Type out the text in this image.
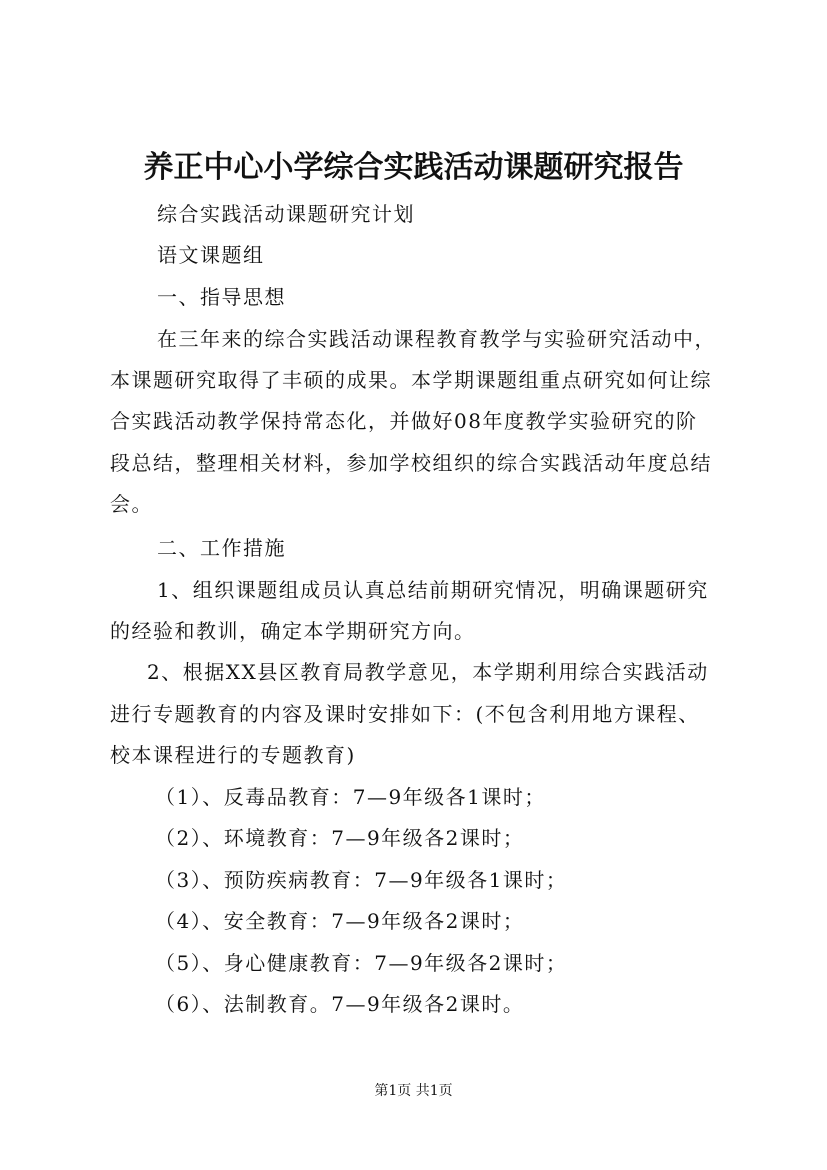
养正中心小学综合实践活动课题研究报告
综合实践活动课题研究计划
语文课题组
一、指导思想
在三年来的综合实践活动课程教育教学与实验研究活动中，
本课题研究取得了丰硕的成果。本学期课题组重点研究如何让综
合实践活动教学保持常态化，并做好08年度教学实验研究的阶
段总结，整理相关材料，参加学校组织的综合实践活动年度总结
会。
二、工作措施
1、组织课题组成员认真总结前期研究情况，明确课题研究
的经验和教训，确定本学期研究方向。
2、根据XX县区教育局教学意见，本学期利用综合实践活动
进行专题教育的内容及课时安排如下：(不包含利用地方课程、
校本课程进行的专题教育)
（1）、反毒品教育：7—9年级各1课时；
（2）、环境教育：7—9年级各2课时；
（3）、预防疾病教育：7—9年级各1课时；
（4）、安全教育：7—9年级各2课时；
（5）、身心健康教育：7—9年级各2课时；
（6）、法制教育。7—9年级各2课时。
第1页 共1页
